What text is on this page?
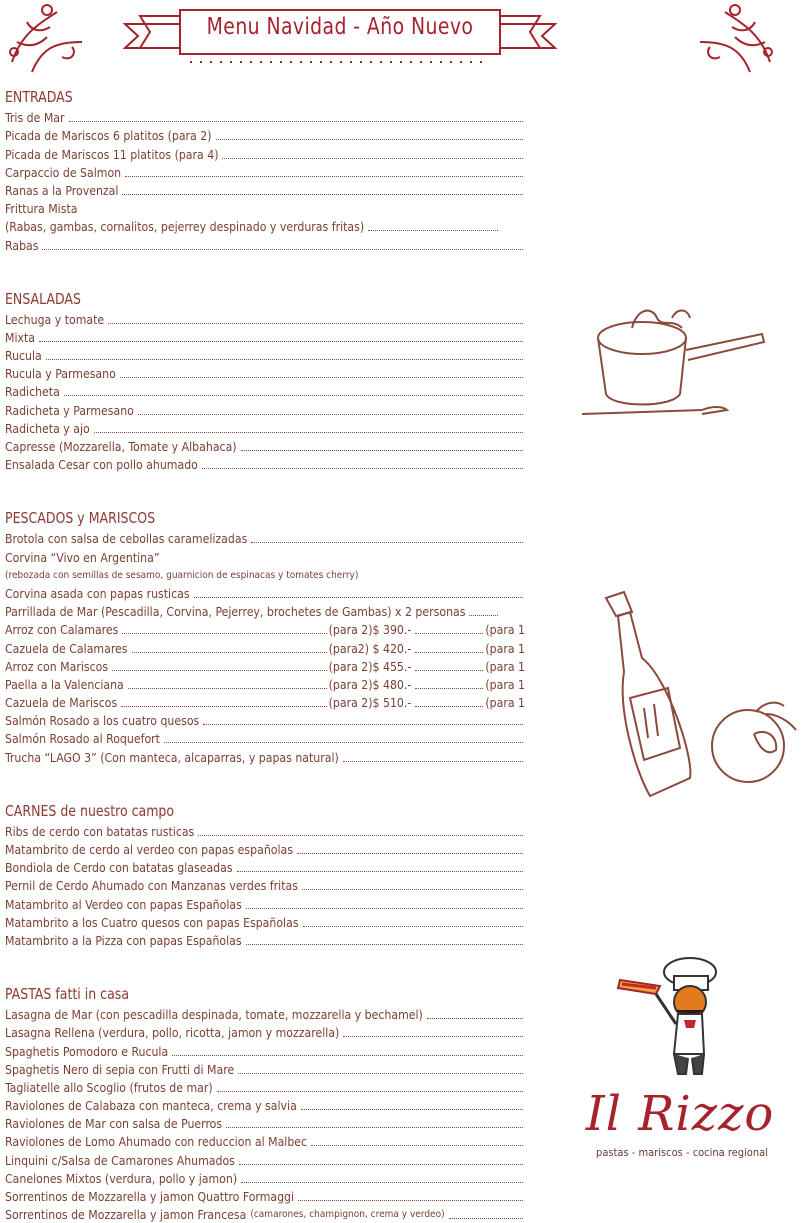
Menu Navidad - Año Nuevo
ENTRADAS
Tris de Mar
Picada de Mariscos 6 platitos (para 2)
Picada de Mariscos 11 platitos (para 4)
Carpaccio de Salmon
Ranas a la Provenzal
Frittura Mista
(Rabas, gambas, cornalitos, pejerrey despinado y verduras fritas)
Rabas
ENSALADAS
Lechuga y tomate
Mixta
Rucula
Rucula y Parmesano
Radicheta
Radicheta y Parmesano
Radicheta y ajo
Capresse (Mozzarella, Tomate y Albahaca)
Ensalada Cesar con pollo ahumado
PESCADOS y MARISCOS
Brotola con salsa de cebollas caramelizadas
Corvina “Vivo en Argentina”
(rebozada con semillas de sesamo, guarnicion de espinacas y tomates cherry)
Corvina asada con papas rusticas
Parrillada de Mar (Pescadilla, Corvina, Pejerrey, brochetes de Gambas) x 2 personas
Arroz con Calamares	(para 2)$ 390.-	(para 1
Cazuela de Calamares	(para2) $ 420.-	(para 1
Arroz con Mariscos	(para 2)$ 455.-	(para 1
Paella a la Valenciana	(para 2)$ 480.-	(para 1
Cazuela de Mariscos	(para 2)$ 510.-	(para 1
Salmón Rosado a los cuatro quesos
Salmón Rosado al Roquefort
Trucha “LAGO 3” (Con manteca, alcaparras, y papas natural)
CARNES de nuestro campo
Ribs de cerdo con batatas rusticas
Matambrito de cerdo al verdeo con papas españolas
Bondiola de Cerdo con batatas glaseadas
Pernil de Cerdo Ahumado con Manzanas verdes fritas
Matambrito al Verdeo con papas Españolas
Matambrito a los Cuatro quesos con papas Españolas
Matambrito a la Pizza con papas Españolas
PASTAS fatti in casa
Lasagna de Mar (con pescadilla despinada, tomate, mozzarella y bechamel)
Lasagna Rellena (verdura, pollo, ricotta, jamon y mozzarella)
Spaghetis Pomodoro e Rucula
Spaghetis Nero di sepia con Frutti di Mare
Tagliatelle allo Scoglio (frutos de mar)
Raviolones de Calabaza con manteca, crema y salvia
Raviolones de Mar con salsa de Puerros
Raviolones de Lomo Ahumado con reduccion al Malbec
Linquini c/Salsa de Camarones Ahumados
Canelones Mixtos (verdura, pollo y jamon)
Sorrentinos de Mozzarella y jamon Quattro Formaggi
Sorrentinos de Mozzarella y jamon Francesa (camarones, champignon, crema y verdeo)
Il Rizzo
pastas - mariscos - cocina regional
